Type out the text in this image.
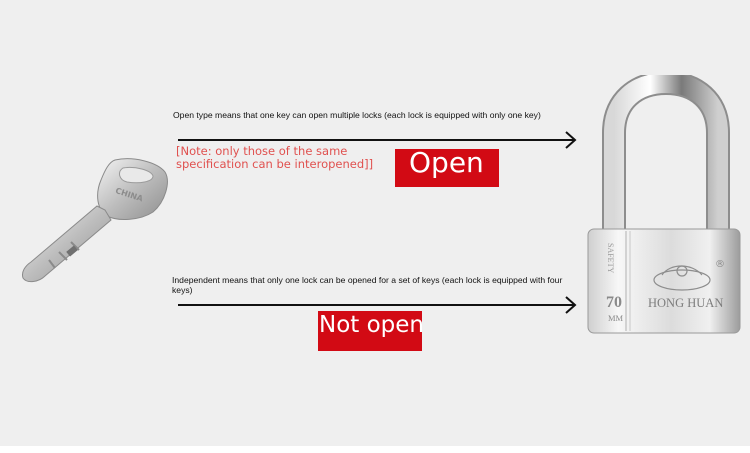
CHINA
®
HONG HUAN
70
MM
SAFETY
Open type means that one key can open multiple locks (each lock is equipped with only one key)
[Note: only those of the same specification can be interopened]]	Open
Independent means that only one lock can be opened for a set of keys (each lock is equipped with four keys)
Not open
